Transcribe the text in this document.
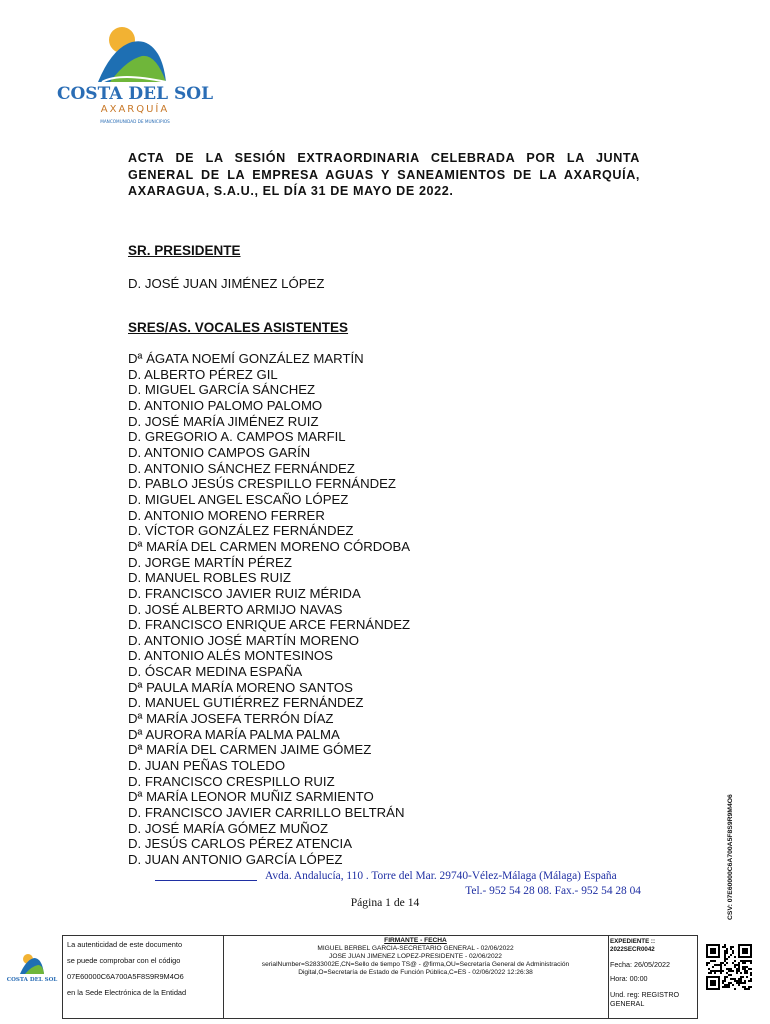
COSTA DEL SOL
AXARQUÍA
MANCOMUNIDAD DE MUNICIPIOS

ACTA DE LA SESIÓN EXTRAORDINARIA CELEBRADA POR LA JUNTA GENERAL DE LA EMPRESA AGUAS Y SANEAMIENTOS DE LA AXARQUÍA, AXARAGUA, S.A.U., EL DÍA 31 DE MAYO DE 2022.

SR. PRESIDENTE

D. JOSÉ JUAN JIMÉNEZ LÓPEZ

SRES/AS. VOCALES ASISTENTES

Dª ÁGATA NOEMÍ GONZÁLEZ MARTÍN
D. ALBERTO PÉREZ GIL
D. MIGUEL GARCÍA SÁNCHEZ
D. ANTONIO PALOMO PALOMO
D. JOSÉ MARÍA JIMÉNEZ RUIZ
D. GREGORIO A. CAMPOS MARFIL
D. ANTONIO CAMPOS GARÍN
D. ANTONIO SÁNCHEZ FERNÁNDEZ
D. PABLO JESÚS CRESPILLO FERNÁNDEZ
D. MIGUEL ANGEL ESCAÑO LÓPEZ
D. ANTONIO MORENO FERRER
D. VÍCTOR GONZÁLEZ FERNÁNDEZ
Dª MARÍA DEL CARMEN MORENO CÓRDOBA
D. JORGE MARTÍN PÉREZ
D. MANUEL ROBLES RUIZ
D. FRANCISCO JAVIER RUIZ MÉRIDA
D. JOSÉ ALBERTO ARMIJO NAVAS
D. FRANCISCO ENRIQUE ARCE FERNÁNDEZ
D. ANTONIO JOSÉ MARTÍN MORENO
D. ANTONIO ALÉS MONTESINOS
D. ÓSCAR MEDINA ESPAÑA
Dª PAULA MARÍA MORENO SANTOS
D. MANUEL GUTIÉRREZ FERNÁNDEZ
Dª MARÍA JOSEFA TERRÓN DÍAZ
Dª AURORA MARÍA PALMA PALMA
Dª MARÍA DEL CARMEN JAIME GÓMEZ
D. JUAN PEÑAS TOLEDO
D. FRANCISCO CRESPILLO RUIZ
Dª MARÍA LEONOR MUÑIZ SARMIENTO
D. FRANCISCO JAVIER CARRILLO BELTRÁN
D. JOSÉ MARÍA GÓMEZ MUÑOZ
D. JESÚS CARLOS PÉREZ ATENCIA
D. JUAN ANTONIO GARCÍA LÓPEZ
Avda. Andalucía, 110 . Torre del Mar. 29740-Vélez-Málaga (Málaga) España
Tel.- 952 54 28 08. Fax.- 952 54 28 04

Página 1 de 14	CSV: 07E60000C6A700A5F8S9R9M4O6
COSTA DEL SOL

La autenticidad de este documento

se puede comprobar con el código

07E60000C6A700A5F8S9R9M4O6

en la Sede Electrónica de la Entidad

FIRMANTE - FECHA

MIGUEL BERBEL GARCIA-SECRETARIO GENERAL - 02/06/2022

JOSE JUAN JIMENEZ LOPEZ-PRESIDENTE - 02/06/2022

serialNumber=S2833002E,CN=Sello de tiempo TS@ - @firma,OU=Secretaría General de Administración

Digital,O=Secretaría de Estado de Función Pública,C=ES - 02/06/2022 12:26:38

EXPEDIENTE ::

2022SECR0042

Fecha: 26/05/2022

Hora: 00:00

Und. reg: REGISTRO

GENERAL
